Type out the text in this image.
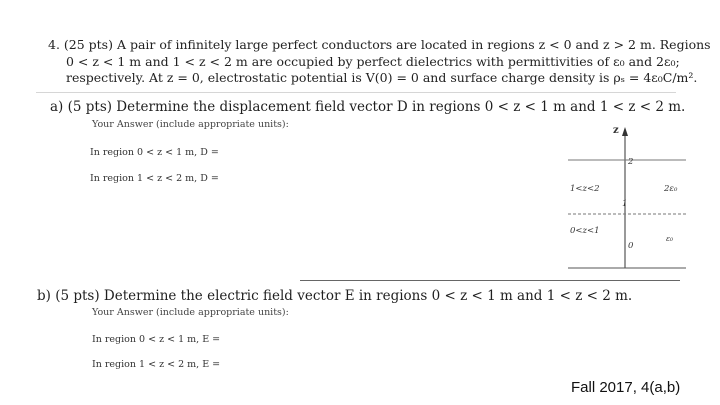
4. (25 pts) A pair of infinitely large perfect conductors are located in regions z < 0 and z > 2 m. Regions
0 < z < 1 m and 1 < z < 2 m are occupied by perfect dielectrics with permittivities of ε₀ and 2ε₀;
respectively. At z = 0, electrostatic potential is V(0) = 0 and surface charge density is ρₛ = 4ε₀C/m².
a) (5 pts) Determine the displacement field vector D in regions 0 < z < 1 m and 1 < z < 2 m.
Your Answer (include appropriate units):
In region 0 < z < 1 m, D =
In region 1 < z < 2 m, D =
z
2
1
0
1<z<2
0<z<1
2ε₀
ε₀
b) (5 pts) Determine the electric field vector E in regions 0 < z < 1 m and 1 < z < 2 m.
Your Answer (include appropriate units):
In region 0 < z < 1 m, E =
In region 1 < z < 2 m, E =
Fall 2017, 4(a,b)
